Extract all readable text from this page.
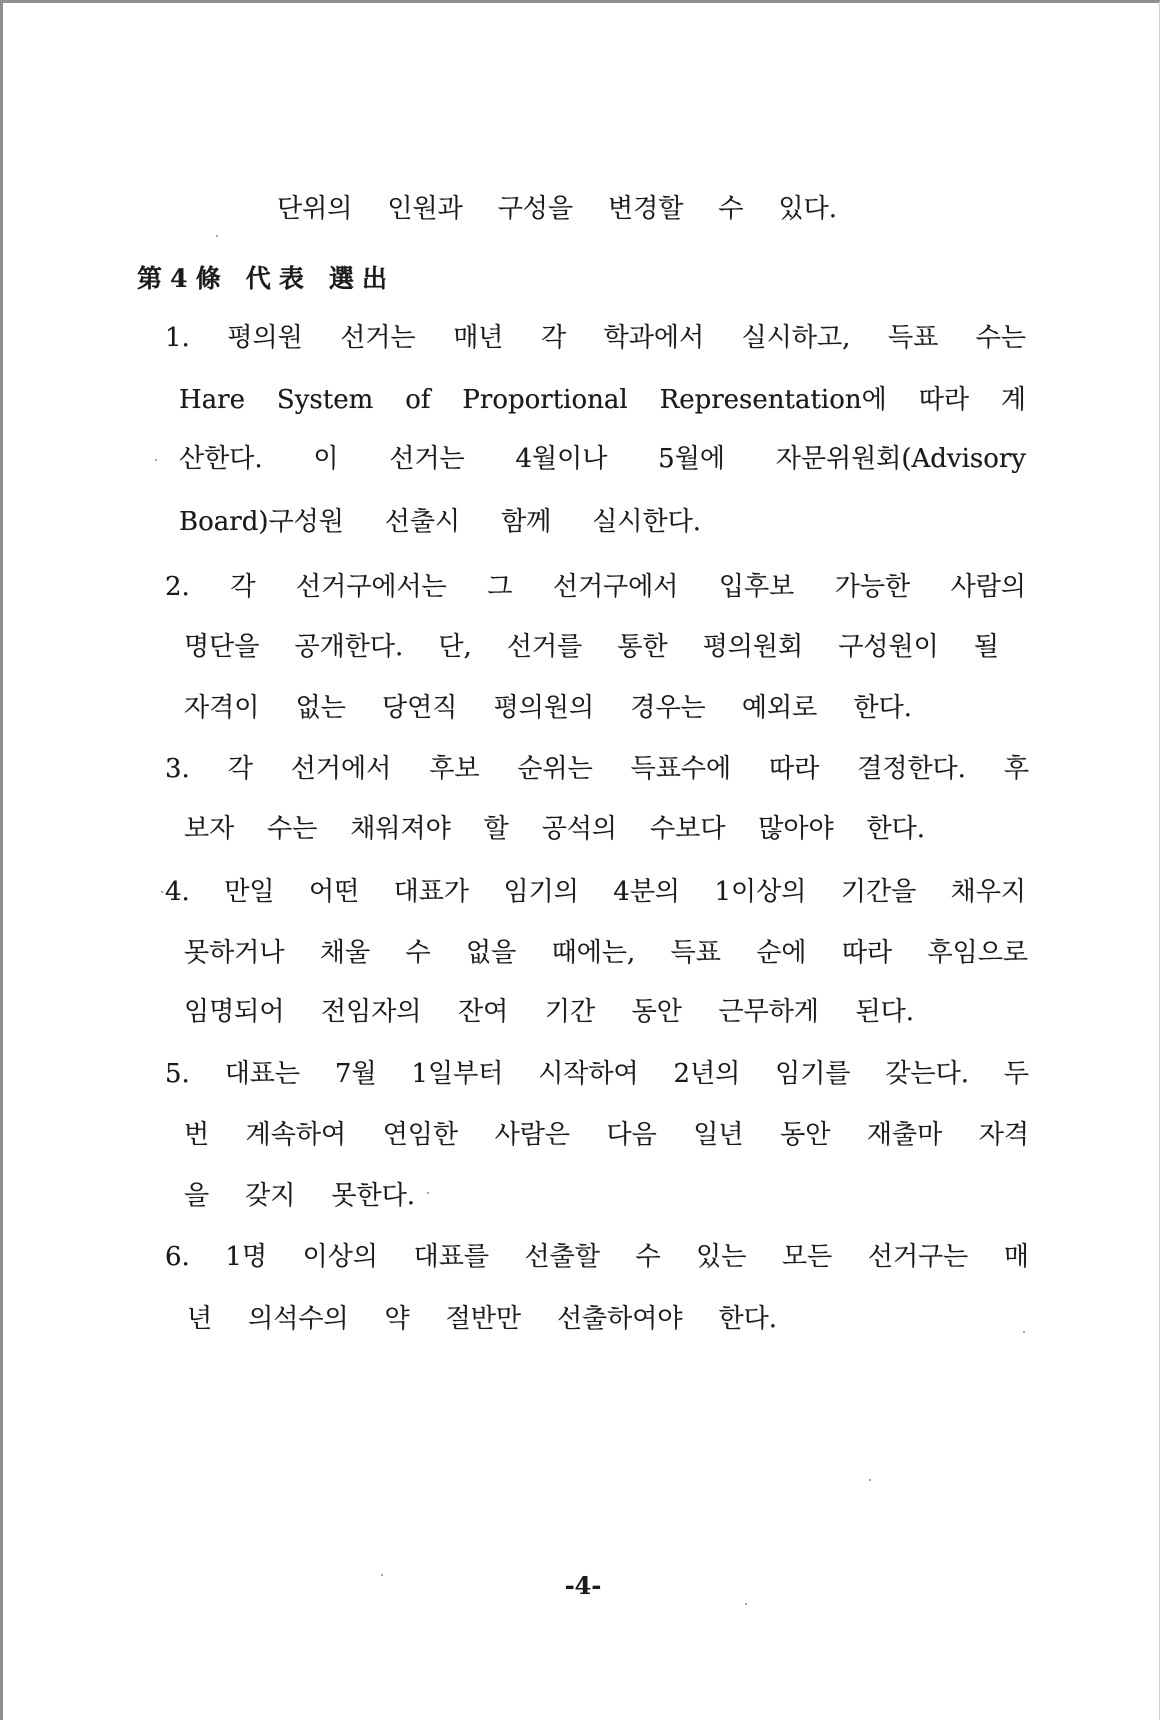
단위의 인원과 구성을 변경할 수 있다.
第4條 代表 選出
1. 평의원 선거는 매년 각 학과에서 실시하고, 득표 수는
Hare System of Proportional Representation에 따라 계
산한다. 이 선거는 4월이나 5월에 자문위원회(Advisory
Board)구성원 선출시 함께 실시한다.
2. 각 선거구에서는 그 선거구에서 입후보 가능한 사람의
명단을 공개한다. 단, 선거를 통한 평의원회 구성원이 될
자격이 없는 당연직 평의원의 경우는 예외로 한다.
3. 각 선거에서 후보 순위는 득표수에 따라 결정한다. 후
보자 수는 채워져야 할 공석의 수보다 많아야 한다.
4. 만일 어떤 대표가 임기의 4분의 1이상의 기간을 채우지
못하거나 채울 수 없을 때에는, 득표 순에 따라 후임으로
임명되어 전임자의 잔여 기간 동안 근무하게 된다.
5. 대표는 7월 1일부터 시작하여 2년의 임기를 갖는다. 두
번 계속하여 연임한 사람은 다음 일년 동안 재출마 자격
을 갖지 못한다.
6. 1명 이상의 대표를 선출할 수 있는 모든 선거구는 매
년 의석수의 약 절반만 선출하여야 한다.
-4-
